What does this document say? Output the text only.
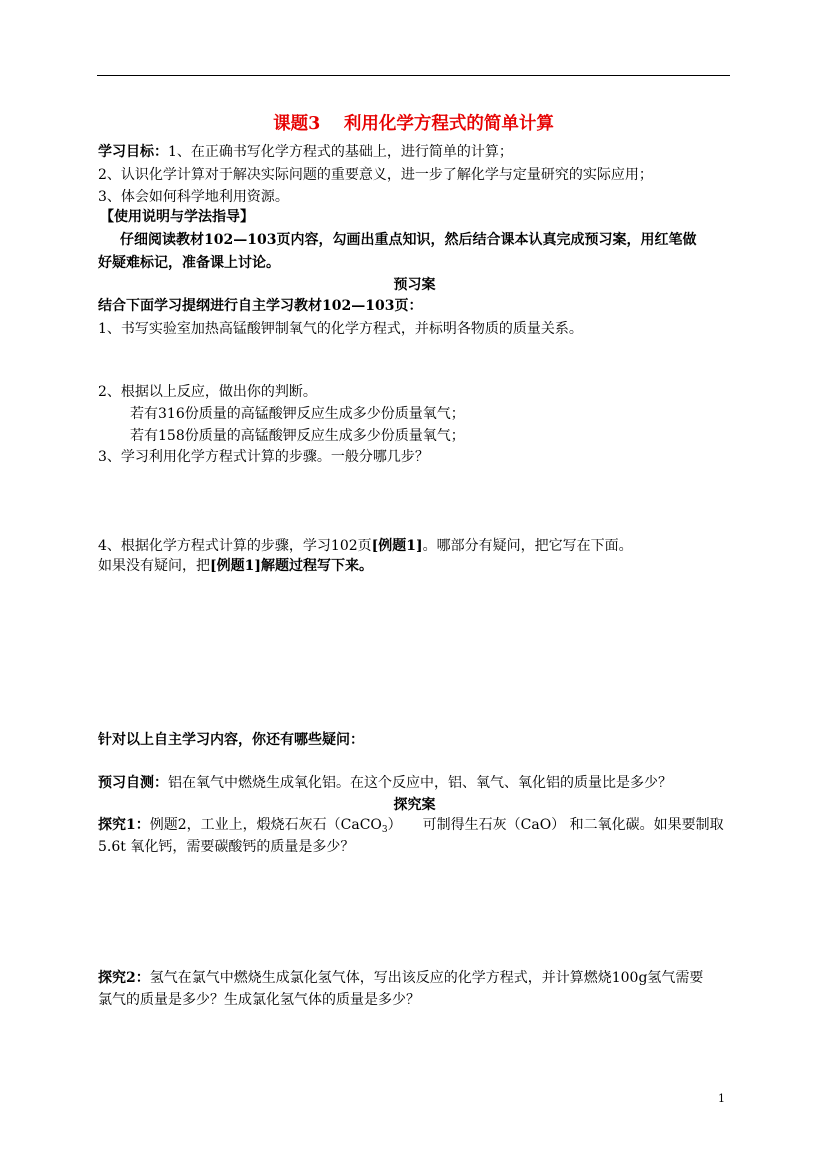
课题3　 利用化学方程式的简单计算
学习目标：1、在正确书写化学方程式的基础上，进行简单的计算；
2、认识化学计算对于解决实际问题的重要意义，进一步了解化学与定量研究的实际应用；
3、体会如何科学地利用资源。
【使用说明与学法指导】
仔细阅读教材102—103页内容，勾画出重点知识，然后结合课本认真完成预习案，用红笔做
好疑难标记，准备课上讨论。
预习案
结合下面学习提纲进行自主学习教材102—103页：
1、书写实验室加热高锰酸钾制氧气的化学方程式，并标明各物质的质量关系。
2、根据以上反应，做出你的判断。
若有316份质量的高锰酸钾反应生成多少份质量氧气；
若有158份质量的高锰酸钾反应生成多少份质量氧气；
3、学习利用化学方程式计算的步骤。一般分哪几步？
4、根据化学方程式计算的步骤，学习102页[例题1]。哪部分有疑问，把它写在下面。
如果没有疑问，把[例题1]解题过程写下来。
针对以上自主学习内容，你还有哪些疑问：
预习自测：铝在氧气中燃烧生成氧化铝。在这个反应中，铝、氧气、氧化铝的质量比是多少？
探究案
探究1：例题2，工业上，煅烧石灰石（CaCO$_3$）　　可制得生石灰（CaO） 和二氧化碳。如果要制取
5.6t 氧化钙，需要碳酸钙的质量是多少？
探究2：氢气在氯气中燃烧生成氯化氢气体，写出该反应的化学方程式，并计算燃烧100g氢气需要
氯气的质量是多少？生成氯化氢气体的质量是多少？
1
